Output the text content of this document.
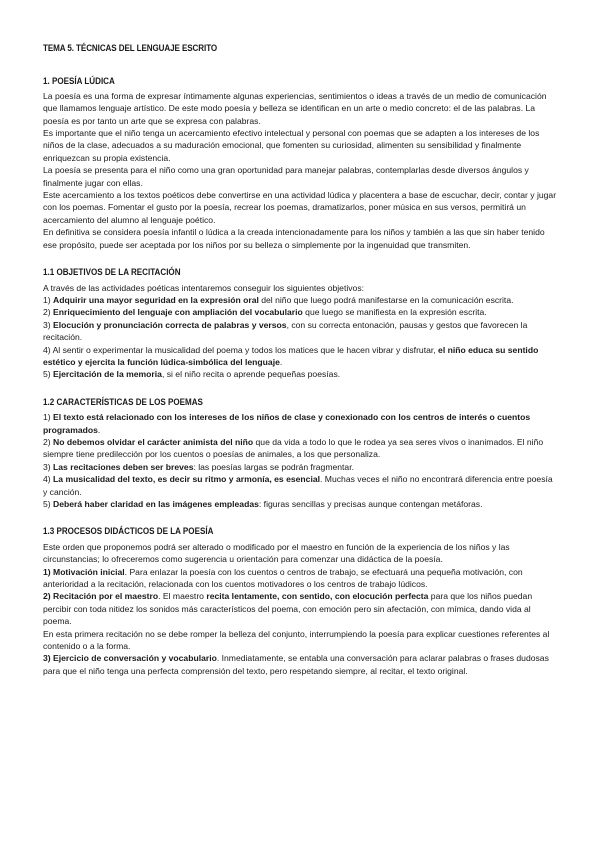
TEMA 5. TÉCNICAS DEL LENGUAJE ESCRITO
1. POESÍA LÚDICA

La poesía es una forma de expresar íntimamente algunas experiencias, sentimientos o ideas a través de un medio de comunicación que llamamos lenguaje artístico. De este modo poesía y belleza se identifican en un arte o medio concreto: el de las palabras. La poesía es por tanto un arte que se expresa con palabras.

Es importante que el niño tenga un acercamiento efectivo intelectual y personal con poemas que se adapten a los intereses de los niños de la clase, adecuados a su maduración emocional, que fomenten su curiosidad, alimenten su sensibilidad y finalmente enriquezcan su propia existencia.

La poesía se presenta para el niño como una gran oportunidad para manejar palabras, contemplarlas desde diversos ángulos y finalmente jugar con ellas.

Este acercamiento a los textos poéticos debe convertirse en una actividad lúdica y placentera a base de escuchar, decir, contar y jugar con los poemas. Fomentar el gusto por la poesía, recrear los poemas, dramatizarlos, poner música en sus versos, permitirá un acercamiento del alumno al lenguaje poético.

En definitiva se considera poesía infantil o lúdica a la creada intencionadamente para los niños y también a las que sin haber tenido ese propósito, puede ser aceptada por los niños por su belleza o simplemente por la ingenuidad que transmiten.

1.1 OBJETIVOS DE LA RECITACIÓN

A través de las actividades poéticas intentaremos conseguir los siguientes objetivos:

1) Adquirir una mayor seguridad en la expresión oral del niño que luego podrá manifestarse en la comunicación escrita.

2) Enriquecimiento del lenguaje con ampliación del vocabulario que luego se manifiesta en la expresión escrita.

3) Elocución y pronunciación correcta de palabras y versos, con su correcta entonación, pausas y gestos que favorecen la recitación.

4) Al sentir o experimentar la musicalidad del poema y todos los matices que le hacen vibrar y disfrutar, el niño educa su sentido estético y ejercita la función lúdica-simbólica del lenguaje.

5) Ejercitación de la memoria, si el niño recita o aprende pequeñas poesías.

1.2 CARACTERÍSTICAS DE LOS POEMAS

1) El texto está relacionado con los intereses de los niños de clase y conexionado con los centros de interés o cuentos programados.

2) No debemos olvidar el carácter animista del niño que da vida a todo lo que le rodea ya sea seres vivos o inanimados. El niño siempre tiene predilección por los cuentos o poesías de animales, a los que personaliza.

3) Las recitaciones deben ser breves: las poesías largas se podrán fragmentar.

4) La musicalidad del texto, es decir su ritmo y armonía, es esencial. Muchas veces el niño no encontrará diferencia entre poesía y canción.

5) Deberá haber claridad en las imágenes empleadas: figuras sencillas y precisas aunque contengan metáforas.

1.3 PROCESOS DIDÁCTICOS DE LA POESÍA

Este orden que proponemos podrá ser alterado o modificado por el maestro en función de la experiencia de los niños y las circunstancias; lo ofreceremos como sugerencia u orientación para comenzar una didáctica de la poesía.

1) Motivación inicial. Para enlazar la poesía con los cuentos o centros de trabajo, se efectuará una pequeña motivación, con anterioridad a la recitación, relacionada con los cuentos motivadores o los centros de trabajo lúdicos.

2) Recitación por el maestro. El maestro recita lentamente, con sentido, con elocución perfecta para que los niños puedan percibir con toda nitidez los sonidos más característicos del poema, con emoción pero sin afectación, con mímica, dando vida al poema.

En esta primera recitación no se debe romper la belleza del conjunto, interrumpiendo la poesía para explicar cuestiones referentes al contenido o a la forma.

3) Ejercicio de conversación y vocabulario. Inmediatamente, se entabla una conversación para aclarar palabras o frases dudosas para que el niño tenga una perfecta comprensión del texto, pero respetando siempre, al recitar, el texto original.
